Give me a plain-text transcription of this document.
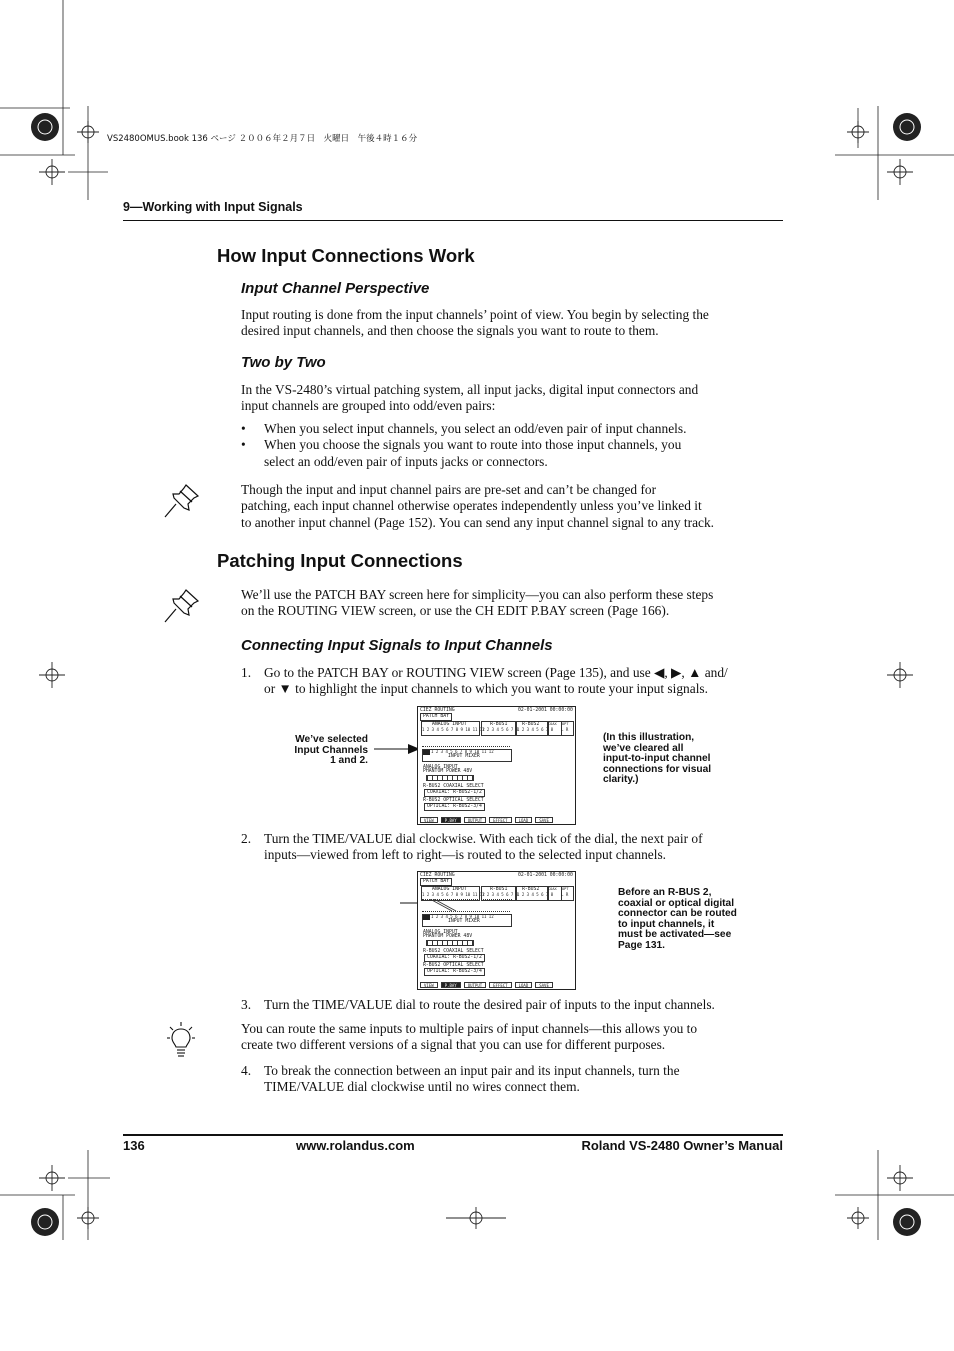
VS2480OMUS.book 136 ページ ２００６年２月７日　火曜日　午後４時１６分
9—Working with Input Signals
How Input Connections Work
Input Channel Perspective
Input routing is done from the input channels’ point of view. You begin by selecting the
desired input channels, and then choose the signals you want to route to them.
Two by Two
In the VS-2480’s virtual patching system, all input jacks, digital input connectors and
input channels are grouped into odd/even pairs:
• When you select input channels, you select an odd/even pair of input channels.
• When you choose the signals you want to route into those input channels, you
select an odd/even pair of inputs jacks or connectors.
Though the input and input channel pairs are pre-set and can’t be changed for
patching, each input channel otherwise operates independently unless you’ve linked it
to another input channel (Page 152). You can send any input channel signal to any track.
Patching Input Connections
We’ll use the PATCH BAY screen here for simplicity—you can also perform these steps
on the ROUTING VIEW screen, or use the CH EDIT P.BAY screen (Page 166).
Connecting Input Signals to Input Channels
1. Go to the PATCH BAY or ROUTING VIEW screen (Page 135), and use ◀, ▶, ▲ and/
or ▼ to highlight the input channels to which you want to route your input signals.
We’ve selected
Input Channels
1 and 2.
CIEZ ROUTING	02-01-2001 00:00:00
PATCH BAY
ANALOG INPUT
1 2 3 4 5 6 7 8 9 10 11 12
R-BUS1
1 2 3 4 5 6 7 8
R-BUS2
1 2 3 4 5 6 7 8
COAX OPT
L R
1 2 3 4 5 6 7 8 9 10 11 12
INPUT MIXER
ANALOG INPUT
PHANTOM POWER 48V
R-BUS2 COAXIAL SELECT
COAXIAL: R-BUS2-1/2
R-BUS2 OPTICAL SELECT
OPTICAL: R-BUS2-3/4
VIEW	P.BAY	OUTPUT	EFFECT	LOAD	SAVE
(In this illustration,
we’ve cleared all
input-to-input channel
connections for visual
clarity.)
2. Turn the TIME/VALUE dial clockwise. With each tick of the dial, the next pair of
inputs—viewed from left to right—is routed to the selected input channels.
CIEZ ROUTING	02-01-2001 00:00:00
PATCH BAY
ANALOG INPUT
1 2 3 4 5 6 7 8 9 10 11 12
R-BUS1
1 2 3 4 5 6 7 8
R-BUS2
1 2 3 4 5 6 7 8
COAX OPT
L R
1 2 3 4 5 6 7 8 9 10 11 12
INPUT MIXER
ANALOG INPUT
PHANTOM POWER 48V
R-BUS2 COAXIAL SELECT
COAXIAL: R-BUS2-1/2
R-BUS2 OPTICAL SELECT
OPTICAL: R-BUS2-3/4
VIEW	P.BAY	OUTPUT	EFFECT	LOAD	SAVE
Before an R-BUS 2,
coaxial or optical digital
connector can be routed
to input channels, it
must be activated—see
Page 131.
3. Turn the TIME/VALUE dial to route the desired pair of inputs to the input channels.
You can route the same inputs to multiple pairs of input channels—this allows you to
create two different versions of a signal that you can use for different purposes.
4. To break the connection between an input pair and its input channels, turn the
TIME/VALUE dial clockwise until no wires connect them.
136	www.rolandus.com	Roland VS-2480 Owner’s Manual
